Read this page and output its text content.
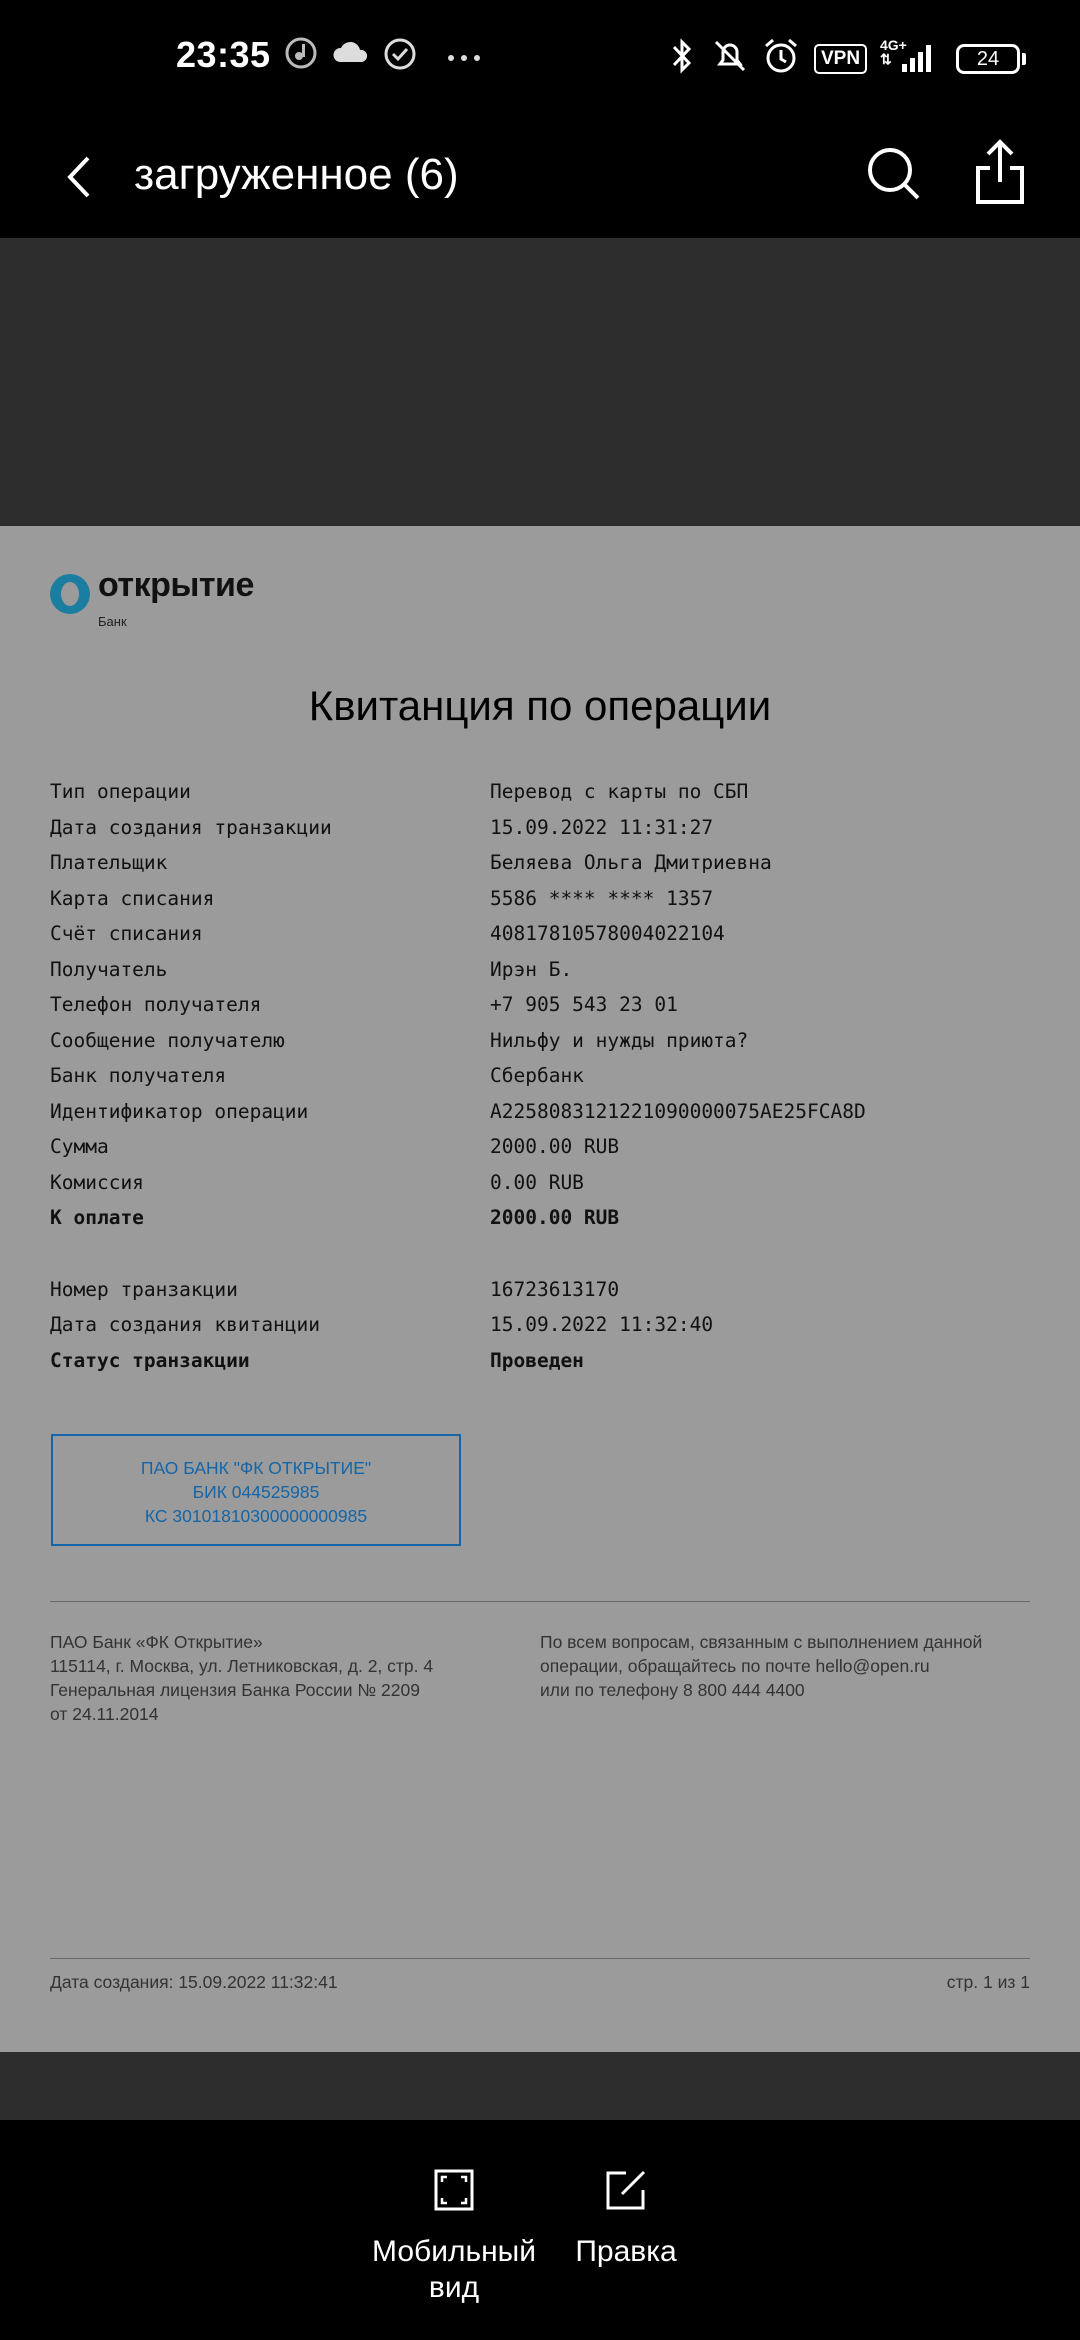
23:35	VPN
4G+
⇅	24
загруженное (6)
открытие
Банк
Квитанция по операции
Тип операции	Перевод с карты по СБП
Дата создания транзакции	15.09.2022 11:31:27
Плательщик	Беляева Ольга Дмитриевна
Карта списания	5586 **** **** 1357
Счёт списания	40817810578004022104
Получатель	Ирэн Б.
Телефон получателя	+7 905 543 23 01
Сообщение получателю	Нильфу и нужды приюта?
Банк получателя	Сбербанк
Идентификатор операции	A2258083121221090000075AE25FCA8D
Сумма	2000.00 RUB
Комиссия	0.00 RUB
К оплате	2000.00 RUB
Номер транзакции	16723613170
Дата создания квитанции	15.09.2022 11:32:40
Статус транзакции	Проведен
ПАО БАНК "ФК ОТКРЫТИЕ"
БИК 044525985
КС 30101810300000000985
ПАО Банк «ФК Открытие»
115114, г. Москва, ул. Летниковская, д. 2, стр. 4
Генеральная лицензия Банка России № 2209
от 24.11.2014
По всем вопросам, связанным с выполнением данной
операции, обращайтесь по почте hello@open.ru
или по телефону 8 800 444 4400
Дата создания: 15.09.2022 11:32:41	стр. 1 из 1
Мобильный
вид
Правка
